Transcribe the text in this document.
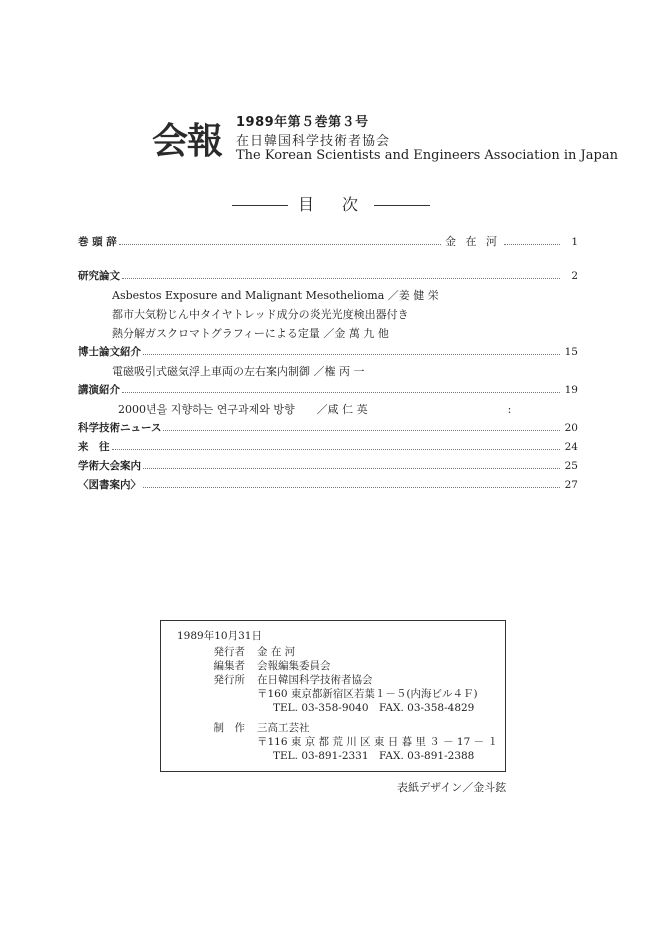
会報 1989年第５巻第３号
在日韓国科学技術者協会
The Korean Scientists and Engineers Association in Japan
目　次
巻 頭 辞	金 在 河	1
研究論文	2
Asbestos Exposure and Malignant Mesothelioma ／姜 健 栄
都市大気粉じん中タイヤトレッド成分の炎光光度検出器付き
熱分解ガスクロマトグラフィーによる定量 ／金 萬 九 他
博士論文紹介	15
電磁吸引式磁気浮上車両の左右案内制御 ／権 丙 一
講演紹介	19
2000년을 지향하는 연구과제와 방향　　／咸 仁 英	:
科学技術ニュース	20
来　往	24
学術大会案内	25
〈図書案内〉	27
1989年10月31日
発行者 金 在 河
編集者 会報編集委員会
発行所 在日韓国科学技術者協会
〒160 東京都新宿区若葉１－５(内海ビル４Ｆ)
TEL. 03-358-9040　FAX. 03-358-4829
制　作 三高工芸社
〒116 東 京 都 荒 川 区 東 日 暮 里 ３ － 17 － １
TEL. 03-891-2331　FAX. 03-891-2388
表紙デザイン／金斗鉉
